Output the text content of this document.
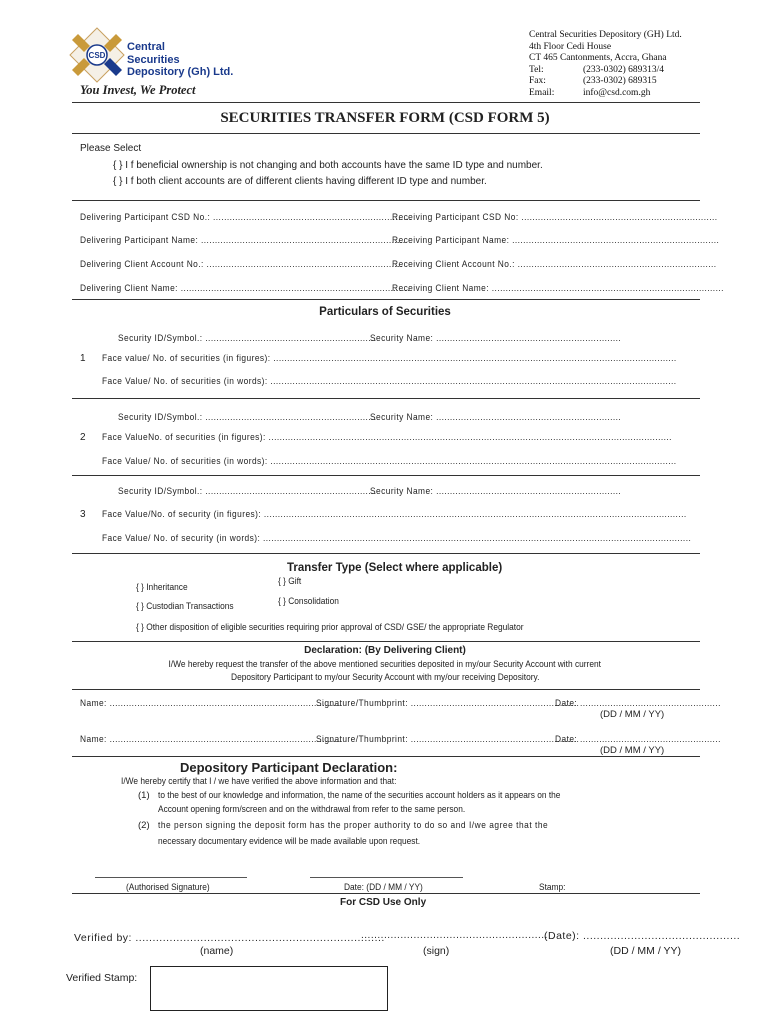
CSD
Central
Securities
Depository (Gh) Ltd.
You Invest, We Protect
Central Securities Depository (GH) Ltd.
4th Floor Cedi House
CT 465 Cantonments, Accra, Ghana
Tel:	(233-0302) 689313/4
Fax:	(233-0302) 689315
Email:	info@csd.com.gh
SECURITIES TRANSFER FORM (CSD FORM 5)
Please Select
{ } I f beneficial ownership is not changing and both accounts have the same ID type and number.
{ } I f both client accounts are of different clients having different ID type and number.
Delivering Participant CSD No.: ........................................................................
Receiving Participant CSD No: .......................................................................
Delivering Participant Name: ..........................................................................
Receiving Participant Name: ...........................................................................
Delivering Client Account No.: .......................................................................
Receiving Client Account No.: ........................................................................
Delivering Client Name: ...................................................................................
Receiving Client Name: ....................................................................................
Particulars of Securities
Security ID/Symbol.: ..............................................................
Security Name: ...................................................................
1 Face value/ No. of securities (in figures): ..................................................................................................................................................
Face Value/ No. of securities (in words): ...................................................................................................................................................
Security ID/Symbol.: ..............................................................
Security Name: ...................................................................
2 Face ValueNo. of securities (in figures): ..................................................................................................................................................
Face Value/ No. of securities (in words): ...................................................................................................................................................
Security ID/Symbol.: ..............................................................
Security Name: ...................................................................
3 Face Value/No. of security (in figures): .........................................................................................................................................................
Face Value/ No. of security (in words): ...........................................................................................................................................................
Transfer Type (Select where applicable)
{ } Inheritance
{ } Gift
{ } Custodian Transactions	{ } Consolidation
{ } Other disposition of eligible securities requiring prior approval of CSD/ GSE/ the appropriate Regulator
Declaration: (By Delivering Client)
I/We hereby request the transfer of the above mentioned securities deposited in my/our Security Account with current
Depository Participant to my/our Security Account with my/our receiving Depository.
Name: ....................................................................................
Signature/Thumbprint: .............................................................
Date: ...................................................
(DD / MM / YY)
Name: ....................................................................................
Signature/Thumbprint: .............................................................
Date: ...................................................
(DD / MM / YY)
Depository Participant Declaration:
I/We hereby certify that I / we have verified the above information and that:
(1) to the best of our knowledge and information, the name of the securities account holders as it appears on the
Account opening form/screen and on the withdrawal from refer to the same person.
(2) the person signing the deposit form has the proper authority to do so and I/we agree that the
necessary documentary evidence will be made available upon request.
(Authorised Signature)	Date: (DD / MM / YY)	Stamp:
For CSD Use Only
Verified by: .........................................................................
(name)
.........................................................
(sign)
(Date): ..............................................
(DD / MM / YY)
Verified Stamp:
